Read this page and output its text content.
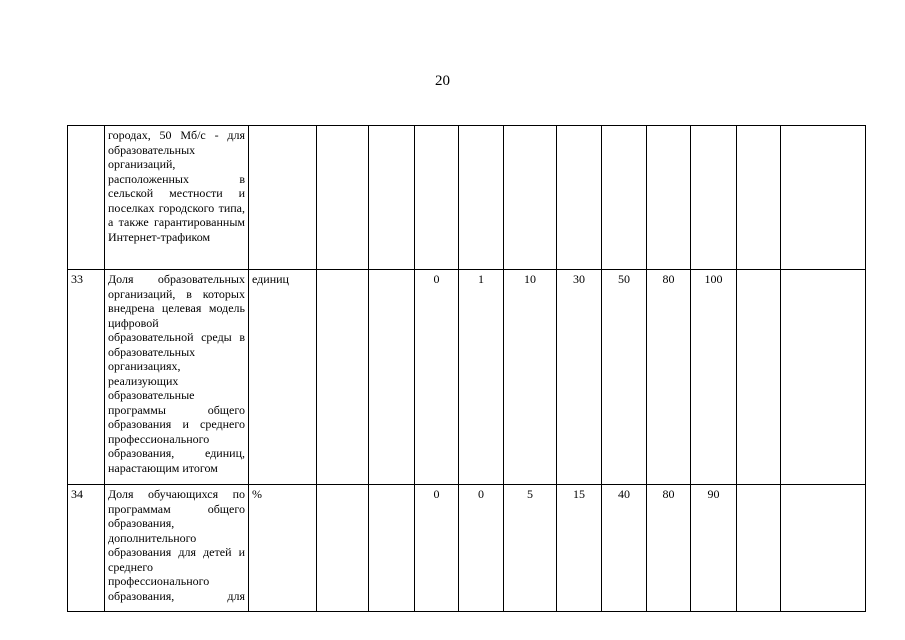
20
	городах, 50 Мб/с - для образовательных организаций, расположенных в сельской местности и поселках городского типа, а также гарантированным Интернет-трафиком												
33	Доля образовательных организаций, в которых внедрена целевая модель цифровой образовательной среды в образовательных организациях, реализующих образовательные программы общего образования и среднего профессионального образования, единиц, нарастающим итогом	единиц			0	1	10	30	50	80	100		
34	Доля обучающихся по программам общего образования, дополнительного образования для детей и среднего профессионального образования, для	%			0	0	5	15	40	80	90		
